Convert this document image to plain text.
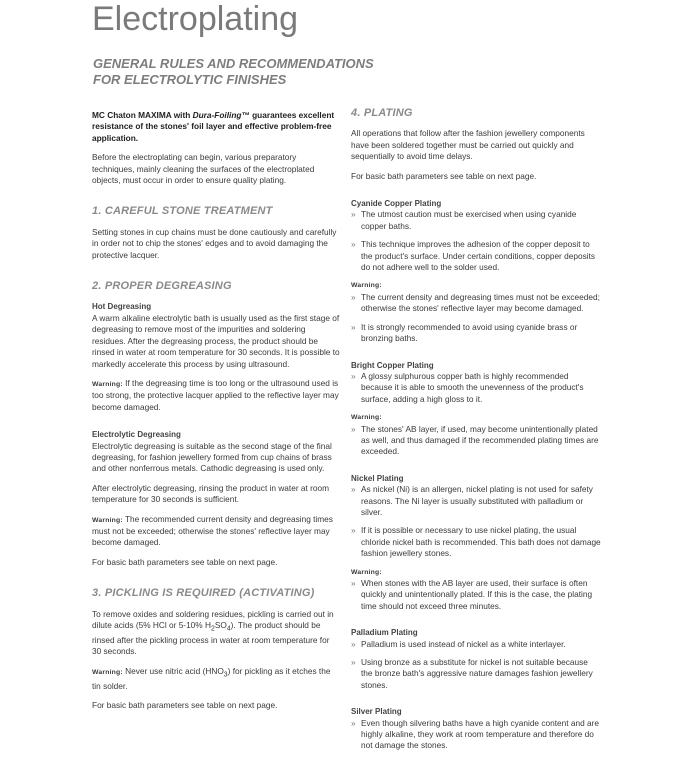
Electroplating
GENERAL RULES AND RECOMMENDATIONS
FOR ELECTROLYTIC FINISHES

MC Chaton MAXIMA with Dura-Foiling™ guarantees excellent resistance of the stones' foil layer and effective problem-free application.

Before the electroplating can begin, various preparatory techniques, mainly cleaning the surfaces of the electroplated objects, must occur in order to ensure quality plating.

1. CAREFUL STONE TREATMENT

Setting stones in cup chains must be done cautiously and carefully in order not to chip the stones' edges and to avoid damaging the protective lacquer.

2. PROPER DEGREASING

Hot Degreasing

A warm alkaline electrolytic bath is usually used as the first stage of degreasing to remove most of the impurities and soldering residues. After the degreasing process, the product should be rinsed in water at room temperature for 30 seconds. It is possible to markedly accelerate this process by using ultrasound.

Warning: If the degreasing time is too long or the ultrasound used is too strong, the protective lacquer applied to the reflective layer may become damaged.

Electrolytic Degreasing

Electrolytic degreasing is suitable as the second stage of the final degreasing, for fashion jewellery formed from cup chains of brass and other nonferrous metals. Cathodic degreasing is used only.

After electrolytic degreasing, rinsing the product in water at room temperature for 30 seconds is sufficient.

Warning: The recommended current density and degreasing times must not be exceeded; otherwise the stones' reflective layer may become damaged.

For basic bath parameters see table on next page.

3. PICKLING IS REQUIRED (ACTIVATING)

To remove oxides and soldering residues, pickling is carried out in dilute acids (5% HCl or 5-10% $H_2SO_4$). The product should be rinsed after the pickling process in water at room temperature for 30 seconds.

Warning: Never use nitric acid $(HNO_3)$ for pickling as it etches the tin solder.

For basic bath parameters see table on next page.

4. PLATING

All operations that follow after the fashion jewellery components have been soldered together must be carried out quickly and sequentially to avoid time delays.

For basic bath parameters see table on next page.

Cyanide Copper Plating

» The utmost caution must be exercised when using cyanide copper baths.
» This technique improves the adhesion of the copper deposit to the product's surface. Under certain conditions, copper deposits do not adhere well to the solder used.

Warning:

» The current density and degreasing times must not be exceeded; otherwise the stones' reflective layer may become damaged.
» It is strongly recommended to avoid using cyanide brass or bronzing baths.

Bright Copper Plating

» A glossy sulphurous copper bath is highly recommended because it is able to smooth the unevenness of the product's surface, adding a high gloss to it.

Warning:

» The stones' AB layer, if used, may become unintentionally plated as well, and thus damaged if the recommended plating times are exceeded.

Nickel Plating

» As nickel (Ni) is an allergen, nickel plating is not used for safety reasons. The Ni layer is usually substituted with palladium or silver.
» If it is possible or necessary to use nickel plating, the usual chloride nickel bath is recommended. This bath does not damage fashion jewellery stones.

Warning:

» When stones with the AB layer are used, their surface is often quickly and unintentionally plated. If this is the case, the plating time should not exceed three minutes.

Palladium Plating

» Palladium is used instead of nickel as a white interlayer.
» Using bronze as a substitute for nickel is not suitable because the bronze bath's aggressive nature damages fashion jewellery stones.

Silver Plating

» Even though silvering baths have a high cyanide content and are highly alkaline, they work at room temperature and therefore do not damage the stones.
